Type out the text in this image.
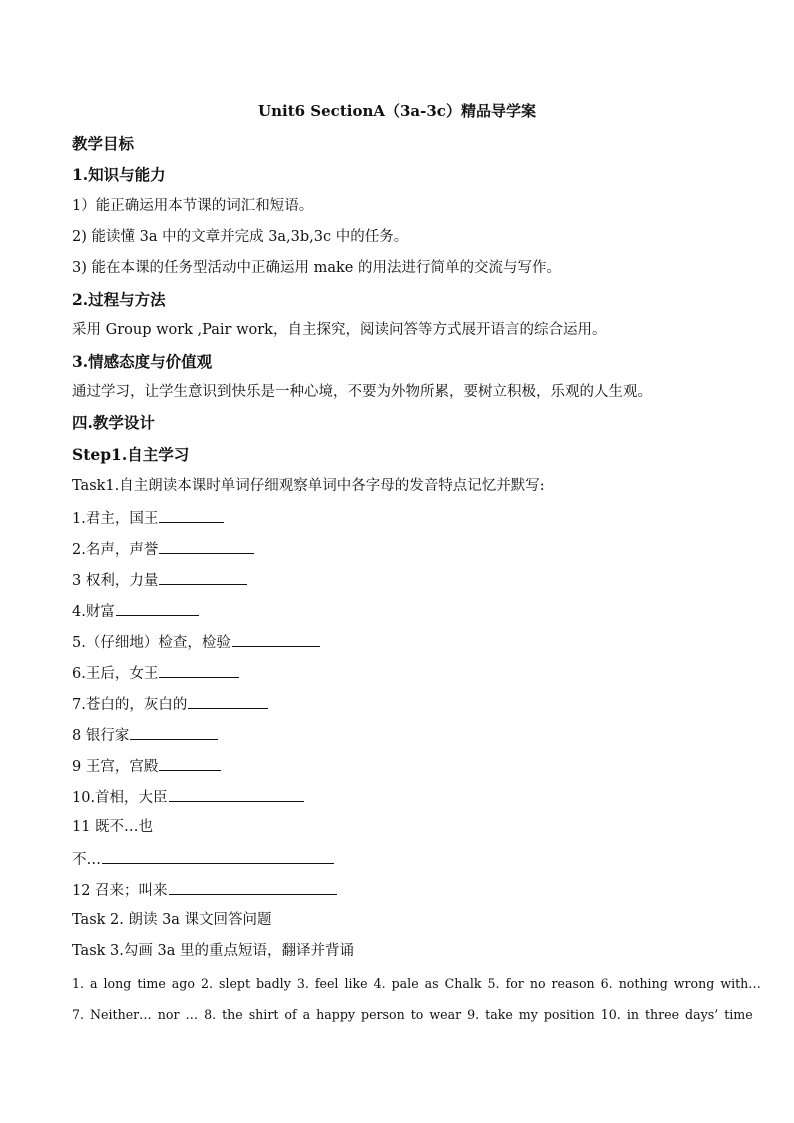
Unit6 SectionA（3a-3c）精品导学案
教学目标
1.知识与能力
1）能正确运用本节课的词汇和短语。
2) 能读懂 3a 中的文章并完成 3a,3b,3c 中的任务。
3) 能在本课的任务型活动中正确运用 make 的用法进行简单的交流与写作。
2.过程与方法
采用 Group work ,Pair work，自主探究，阅读问答等方式展开语言的综合运用。
3.情感态度与价值观
通过学习，让学生意识到快乐是一种心境，不要为外物所累，要树立积极，乐观的人生观。
四.教学设计
Step1.自主学习
Task1.自主朗读本课时单词仔细观察单词中各字母的发音特点记忆并默写:
1.君主，国王
2.名声，声誉
3 权利，力量
4.财富
5.（仔细地）检查，检验
6.王后，女王
7.苍白的，灰白的
8 银行家
9 王宫，宫殿
10.首相，大臣
11 既不…也
不…
12 召来；叫来
Task 2. 朗读 3a 课文回答问题
Task 3.勾画 3a 里的重点短语，翻译并背诵
1. a long time ago 2. slept badly 3. feel like 4. pale as Chalk 5. for no reason 6. nothing wrong with…
7. Neither… nor … 8. the shirt of a happy person to wear 9. take my position 10. in three days’ time
